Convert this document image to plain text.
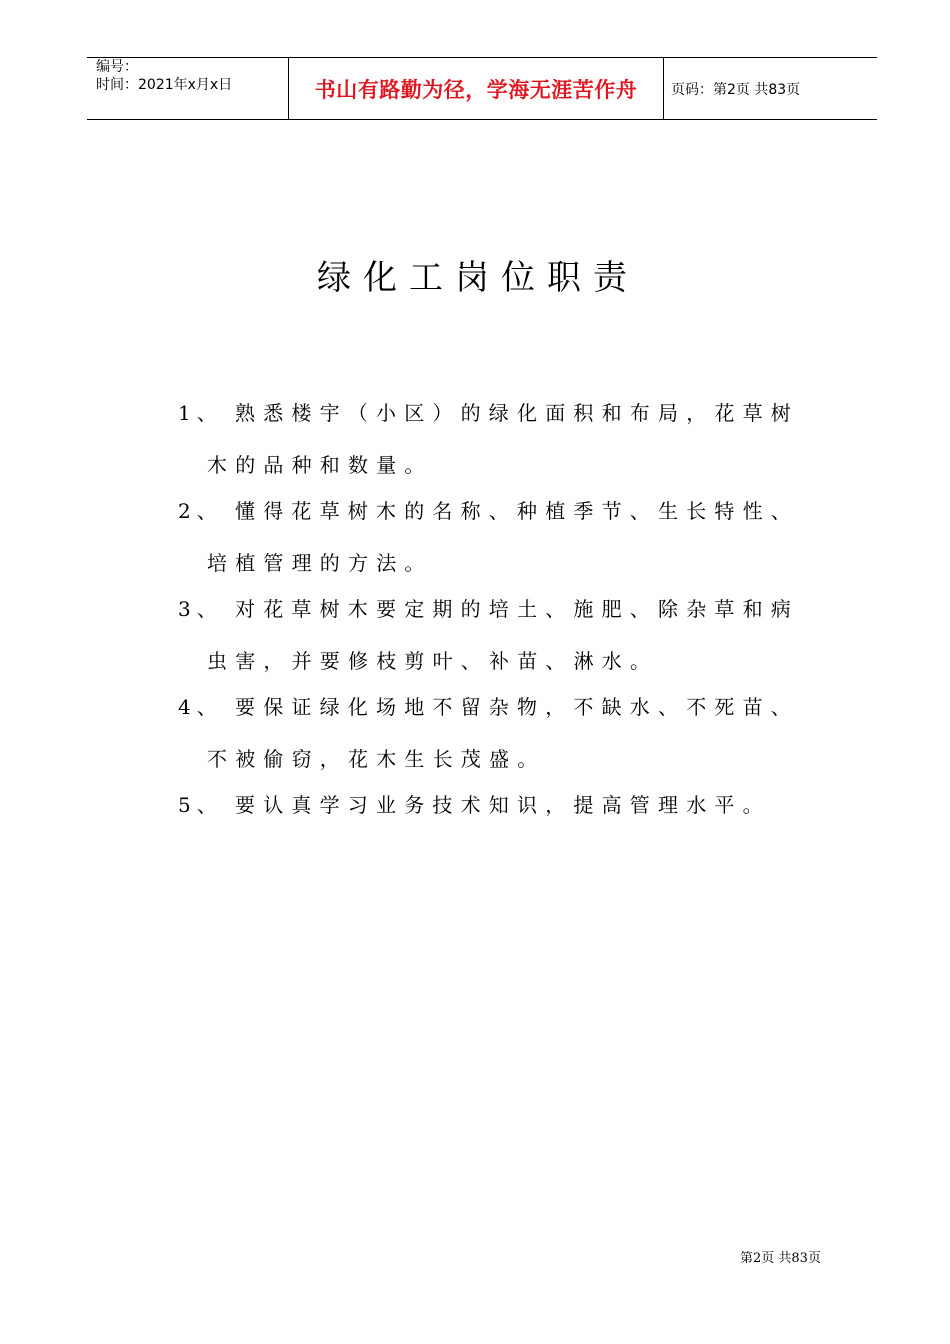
编号：
时间：2021年x月x日	书山有路勤为径，学海无涯苦作舟 页码：第2页 共83页
绿化工岗位职责
1、 熟悉楼宇（小区）的绿化面积和布局，花草树
木的品种和数量。
2、 懂得花草树木的名称、种植季节、生长特性、
培植管理的方法。
3、 对花草树木要定期的培土、施肥、除杂草和病
虫害，并要修枝剪叶、补苗、淋水。
4、 要保证绿化场地不留杂物，不缺水、不死苗、
不被偷窃，花木生长茂盛。
5、 要认真学习业务技术知识，提高管理水平。
第2页 共83页
